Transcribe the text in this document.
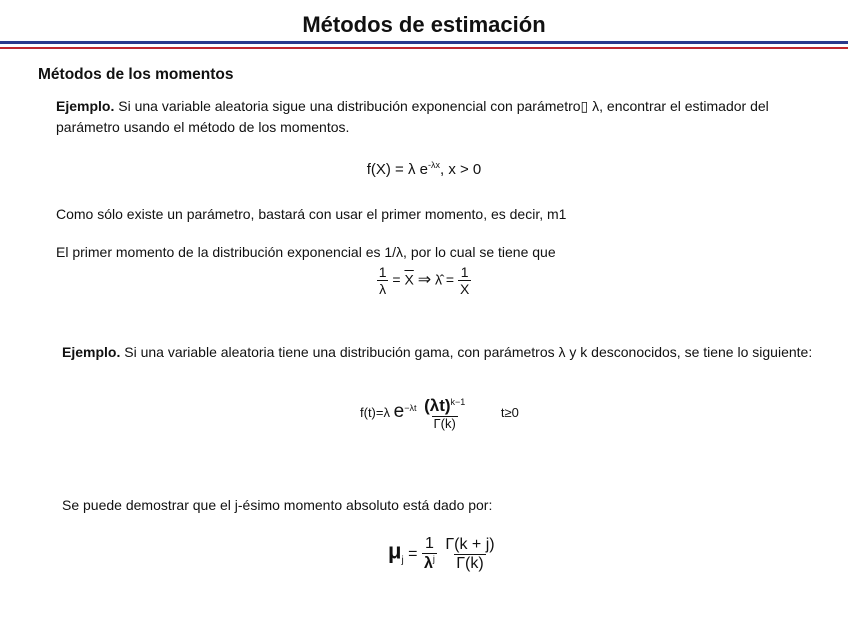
Métodos de estimación
Métodos de los momentos
Ejemplo. Si una variable aleatoria sigue una distribución exponencial con parámetro▯ λ, encontrar el estimador del parámetro usando el método de los momentos.
f(X) = λ $e^{-\lambda x}$, x > 0
Como sólo existe un parámetro, bastará con usar el primer momento, es decir, m1
El primer momento de la distribución exponencial es 1/λ, por lo cual se tiene que
$\frac{1}{\lambda} = \overline{X}$ ⇒ λ̂ = $\frac{1}{X}$
Ejemplo. Si una variable aleatoria tiene una distribución gama, con parámetros λ y k desconocidos, se tiene lo siguiente:
f(t)=λ $e^{-\lambda t} \frac{(\lambda t)^{k-1}}{\Gamma(k)}$	t≥0
Se puede demostrar que el j-ésimo momento absoluto está dado por:
$\mu_j = \frac{1}{\lambda^j}$
$\frac{\Gamma(k + j)}{\Gamma(k)}$
